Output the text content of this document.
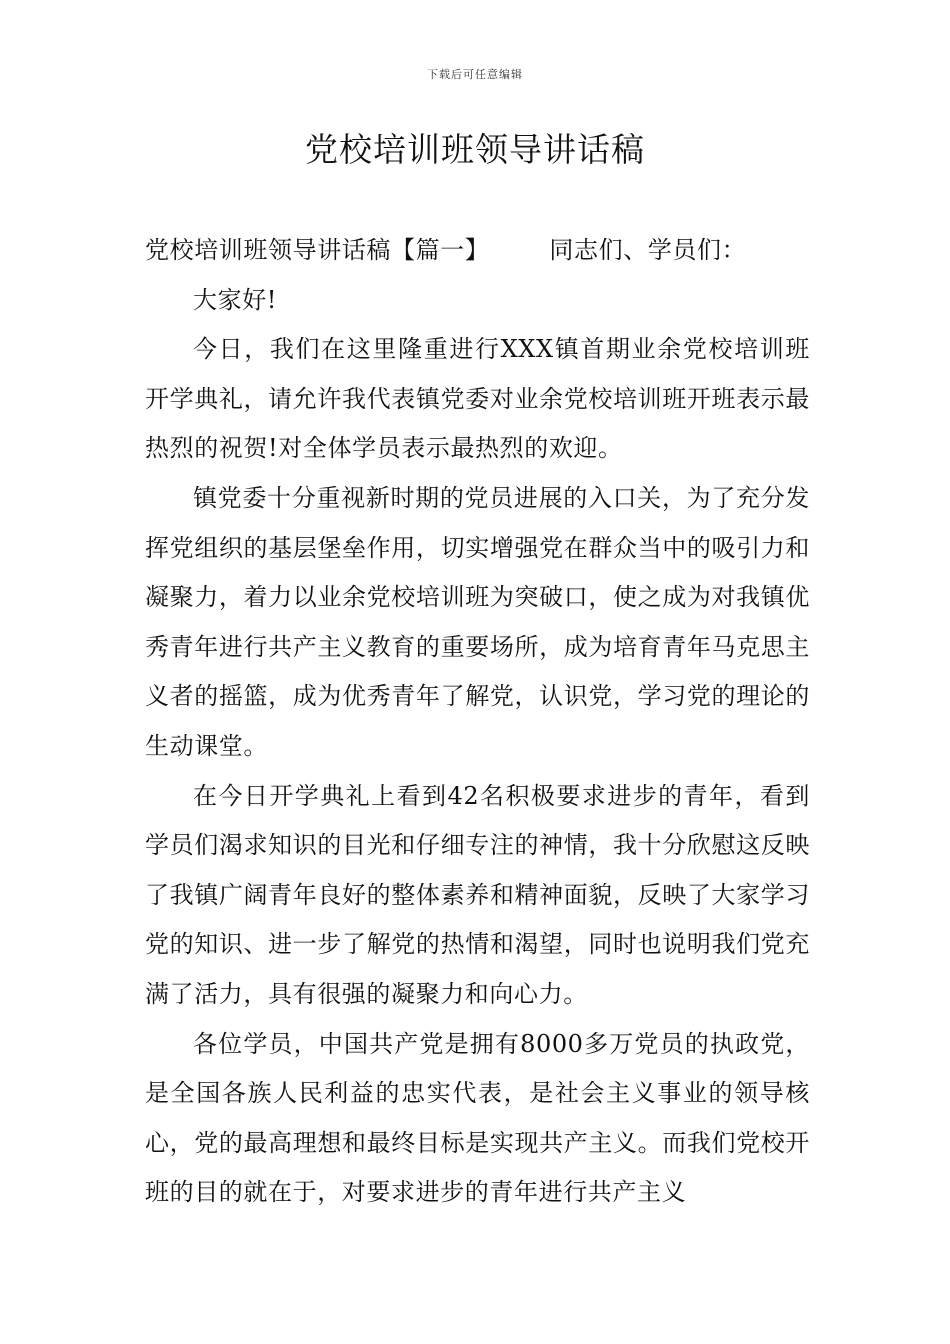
下载后可任意编辑
党校培训班领导讲话稿

党校培训班领导讲话稿【篇一】	同志们、学员们：

大家好!

今日，我们在这里隆重进行XXX镇首期业余党校培训班开学典礼，请允许我代表镇党委对业余党校培训班开班表示最热烈的祝贺!对全体学员表示最热烈的欢迎。

镇党委十分重视新时期的党员进展的入口关，为了充分发挥党组织的基层堡垒作用，切实增强党在群众当中的吸引力和凝聚力，着力以业余党校培训班为突破口，使之成为对我镇优秀青年进行共产主义教育的重要场所，成为培育青年马克思主义者的摇篮，成为优秀青年了解党，认识党，学习党的理论的生动课堂。

在今日开学典礼上看到42名积极要求进步的青年，看到学员们渴求知识的目光和仔细专注的神情，我十分欣慰这反映了我镇广阔青年良好的整体素养和精神面貌，反映了大家学习党的知识、进一步了解党的热情和渴望，同时也说明我们党充满了活力，具有很强的凝聚力和向心力。

各位学员，中国共产党是拥有8000多万党员的执政党，是全国各族人民利益的忠实代表，是社会主义事业的领导核心，党的最高理想和最终目标是实现共产主义。而我们党校开班的目的就在于，对要求进步的青年进行共产主义
